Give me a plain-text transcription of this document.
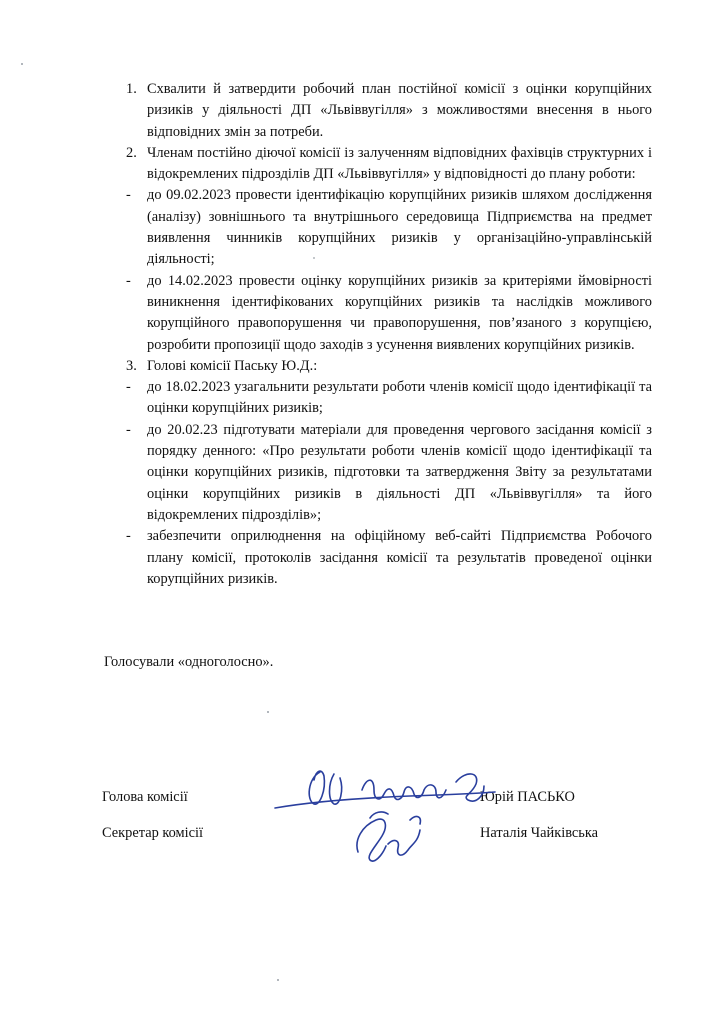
1. Схвалити й затвердити робочий план постійної комісії з оцінки корупційних ризиків у діяльності ДП «Львіввугілля» з можливостями внесення в нього відповідних змін за потреби.
2. Членам постійно діючої комісії із залученням відповідних фахівців структурних і відокремлених підрозділів ДП «Львіввугілля» у відповідності до плану роботи:
- до 09.02.2023 провести ідентифікацію корупційних ризиків шляхом дослідження (аналізу) зовнішнього та внутрішнього середовища Підприємства на предмет виявлення чинників корупційних ризиків у організаційно-управлінській діяльності;
- до 14.02.2023 провести оцінку корупційних ризиків за критеріями ймовірності виникнення ідентифікованих корупційних ризиків та наслідків можливого корупційного правопорушення чи правопорушення, пов’язаного з корупцією, розробити пропозиції щодо заходів з усунення виявлених корупційних ризиків.
3. Голові комісії Паську Ю.Д.:
- до 18.02.2023 узагальнити результати роботи членів комісії щодо ідентифікації та оцінки корупційних ризиків;
- до 20.02.23 підготувати матеріали для проведення чергового засідання комісії з порядку денного: «Про результати роботи членів комісії щодо ідентифікації та оцінки корупційних ризиків, підготовки та затвердження Звіту за результатами оцінки корупційних ризиків в діяльності ДП «Львіввугілля» та його відокремлених підрозділів»;
- забезпечити оприлюднення на офіційному веб-сайті Підприємства Робочого плану комісії, протоколів засідання комісії та результатів проведеної оцінки корупційних ризиків.
Голосували «одноголосно».
Голова комісії	Юрій ПАСЬКО
Секретар комісії	Наталія Чайківська
